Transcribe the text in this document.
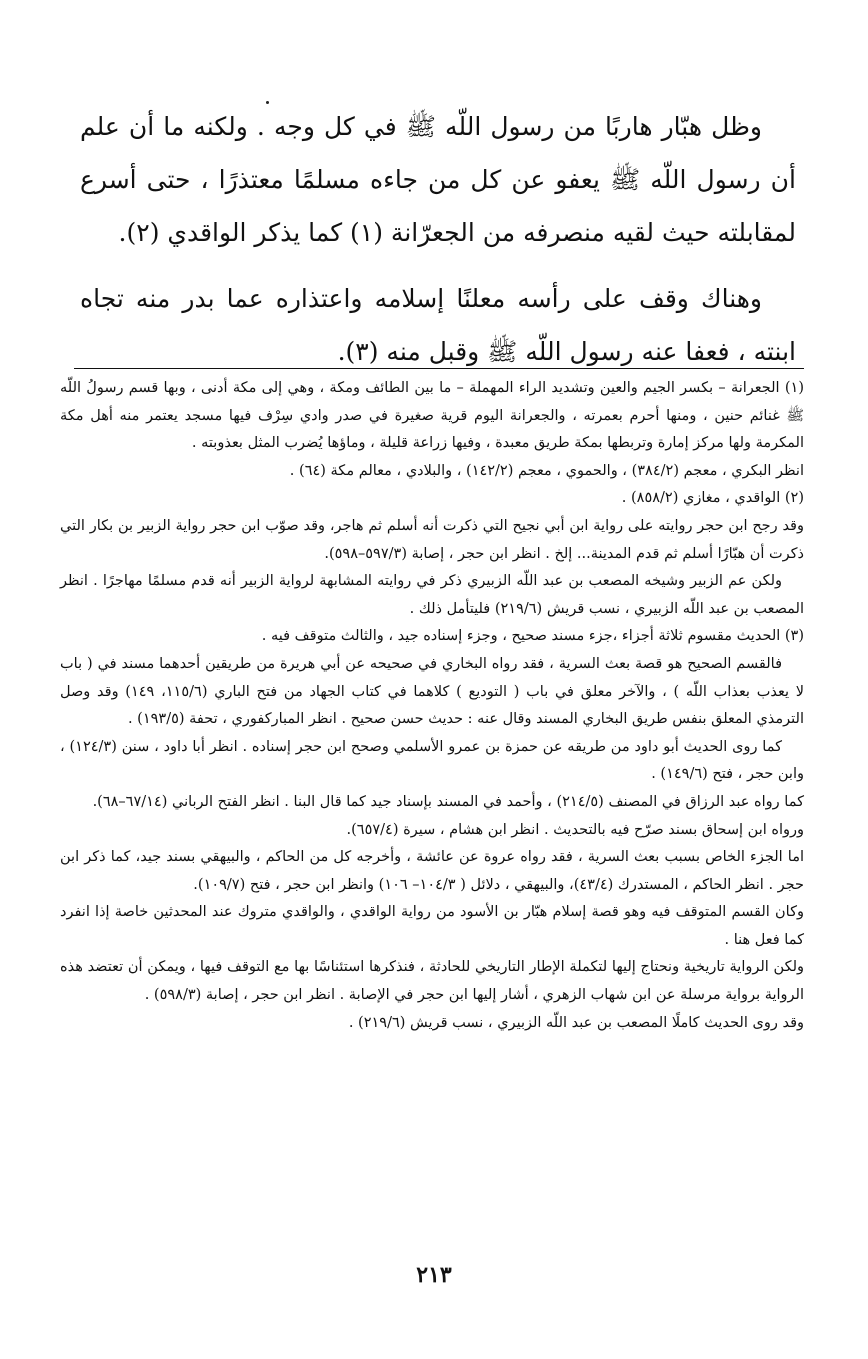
وظل هبّار هاربًا من رسول اللّه ﷺ في كل وجه . ولكنه ما أن علم أن رسول اللّه ﷺ يعفو عن كل من جاءه مسلمًا معتذرًا ، حتى أسرع لمقابلته حيث لقيه منصرفه من الجعرّانة (١) كما يذكر الواقدي (٢).

وهناك وقف على رأسه معلنًا إسلامه واعتذاره عما بدر منه تجاه ابنته ، فعفا عنه رسول اللّه ﷺ وقبل منه (٣).

(١) الجعرانة – بكسر الجيم والعين وتشديد الراء المهملة – ما بين الطائف ومكة ، وهي إلى مكة أدنى ، وبها قسم رسولُ اللّه ﷺ غنائم حنين ، ومنها أحرم بعمرته ، والجعرانة اليوم قرية صغيرة في صدر وادي سِرْف فيها مسجد يعتمر منه أهل مكة المكرمة ولها مركز إمارة وتربطها بمكة طريق معبدة ، وفيها زراعة قليلة ، وماؤها يُضرب المثل بعذوبته .

انظر البكري ، معجم (٣٨٤/٢) ، والحموي ، معجم (١٤٢/٢) ، والبلادي ، معالم مكة (٦٤) .

(٢) الواقدي ، مغازي (٨٥٨/٢) .

وقد رجح ابن حجر روايته على رواية ابن أبي نجيح التي ذكرت أنه أسلم ثم هاجر، وقد صوّب ابن حجر رواية الزبير بن بكار التي ذكرت أن هبّارًا أسلم ثم قدم المدينة... إلخ . انظر ابن حجر ، إصابة (٥٩٧/٣–٥٩٨).

ولكن عم الزبير وشيخه المصعب بن عبد اللّه الزبيري ذكر في روايته المشابهة لرواية الزبير أنه قدم مسلمًا مهاجرًا . انظر المصعب بن عبد اللّه الزبيري ، نسب قريش (٢١٩/٦) فليتأمل ذلك .

(٣) الحديث مقسوم ثلاثة أجزاء ،جزء مسند صحيح ، وجزء إسناده جيد ، والثالث متوقف فيه .

فالقسم الصحيح هو قصة بعث السرية ، فقد رواه البخاري في صحيحه عن أبي هريرة من طريقين أحدهما مسند في ( باب لا يعذب بعذاب اللّه ) ، والآخر معلق في باب ( التوديع ) كلاهما في كتاب الجهاد من فتح الباري (١١٥/٦، ١٤٩) وقد وصل الترمذي المعلق بنفس طريق البخاري المسند وقال عنه : حديث حسن صحيح . انظر المباركفوري ، تحفة (١٩٣/٥) .

كما روى الحديث أبو داود من طريقه عن حمزة بن عمرو الأسلمي وصحح ابن حجر إسناده . انظر أبا داود ، سنن (١٢٤/٣) ، وابن حجر ، فتح (١٤٩/٦) .

كما رواه عبد الرزاق في المصنف (٢١٤/٥) ، وأحمد في المسند بإسناد جيد كما قال البنا . انظر الفتح الرباني (٦٧/١٤–٦٨).

ورواه ابن إسحاق بسند صرّح فيه بالتحديث . انظر ابن هشام ، سيرة (٦٥٧/٤).

اما الجزء الخاص بسبب بعث السرية ، فقد رواه عروة عن عائشة ، وأخرجه كل من الحاكم ، والبيهقي بسند جيد، كما ذكر ابن حجر . انظر الحاكم ، المستدرك (٤٣/٤)، والبيهقي ، دلائل ( ١٠٤/٣– ١٠٦) وانظر ابن حجر ، فتح (١٠٩/٧).

وكان القسم المتوقف فيه وهو قصة إسلام هبّار بن الأسود من رواية الواقدي ، والواقدي متروك عند المحدثين خاصة إذا انفرد كما فعل هنا .

ولكن الرواية تاريخية ونحتاج إليها لتكملة الإطار التاريخي للحادثة ، فنذكرها استئناسًا بها مع التوقف فيها ، ويمكن أن تعتضد هذه الرواية برواية مرسلة عن ابن شهاب الزهري ، أشار إليها ابن حجر في الإصابة . انظر ابن حجر ، إصابة (٥٩٨/٣) .

وقد روى الحديث كاملًا المصعب بن عبد اللّه الزبيري ، نسب قريش (٢١٩/٦) .

٢١٣
